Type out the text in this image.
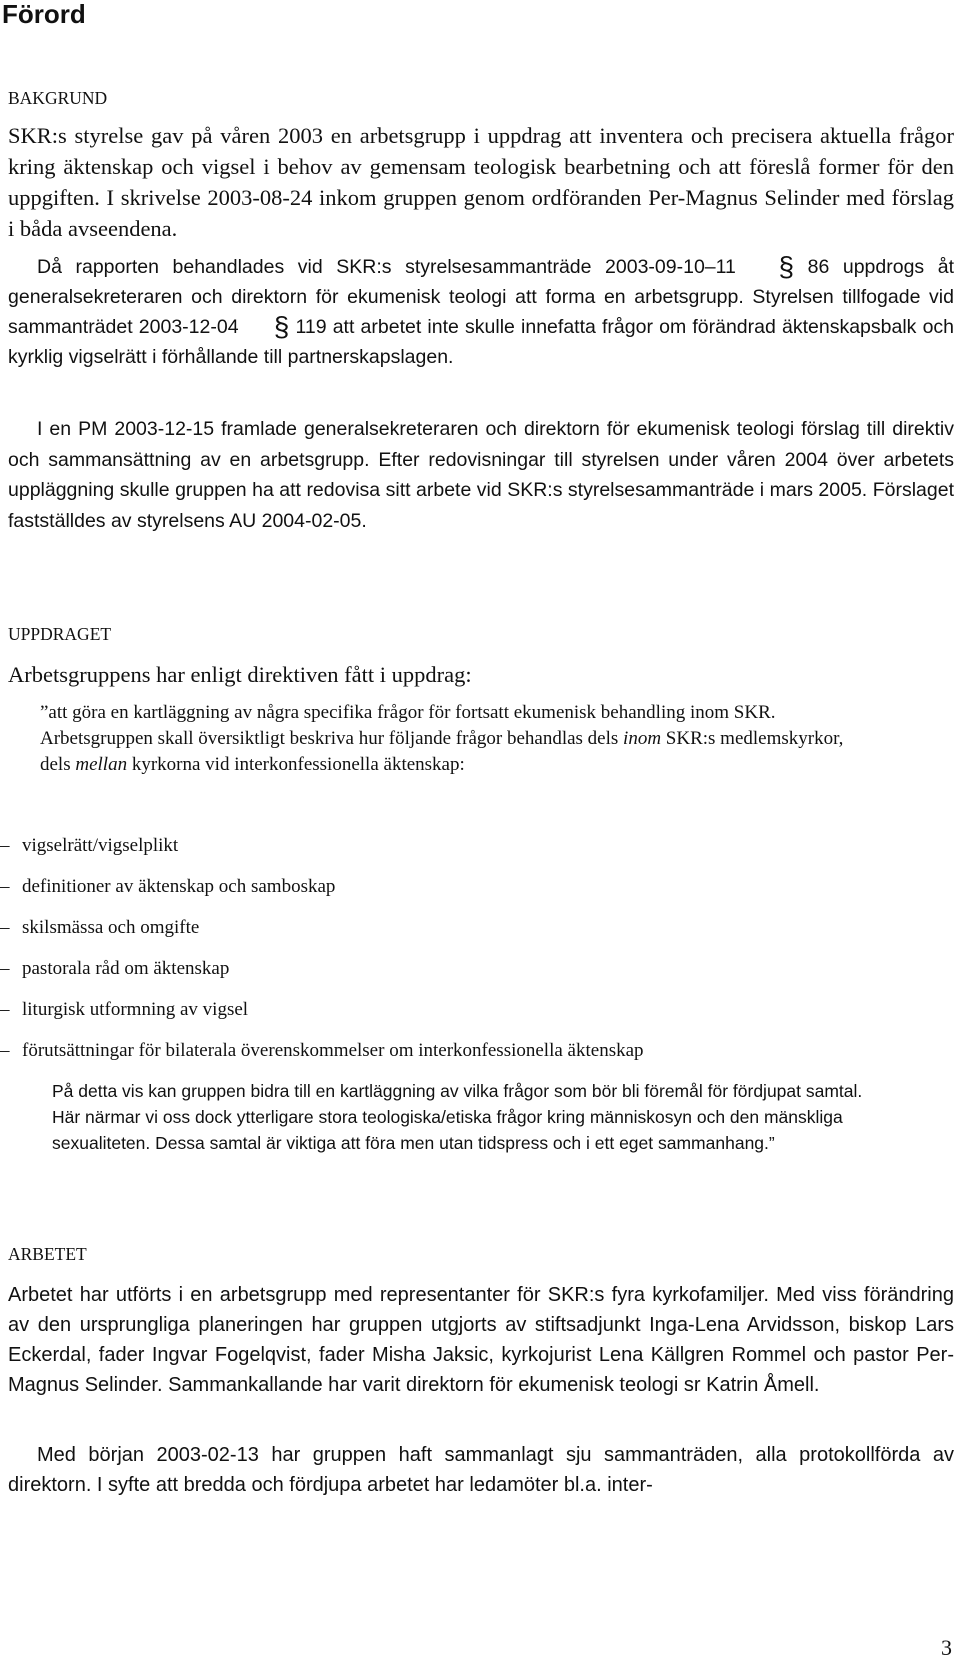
Förord
BAKGRUND

SKR:s styrelse gav på våren 2003 en arbetsgrupp i uppdrag att inventera och precisera aktuella frågor kring äktenskap och vigsel i behov av gemensam teologisk bearbetning och att föreslå former för den uppgiften. I skrivelse 2003-08-24 inkom gruppen genom ordföranden Per-Magnus Selinder med förslag i båda avseendena.

Då rapporten behandlades vid SKR:s styrelsesammanträde 2003-09-10–11 § 86 uppdrogs åt generalsekreteraren och direktorn för ekumenisk teologi att forma en arbetsgrupp. Styrelsen tillfogade vid sammanträdet 2003-12-04 § 119 att arbetet inte skulle innefatta frågor om förändrad äktenskapsbalk och kyrklig vigselrätt i förhållande till partnerskapslagen.

I en PM 2003-12-15 framlade generalsekreteraren och direktorn för ekumenisk teologi förslag till direktiv och sammansättning av en arbetsgrupp. Efter redovisningar till styrelsen under våren 2004 över arbetets uppläggning skulle gruppen ha att redovisa sitt arbete vid SKR:s styrelsesammanträde i mars 2005. Förslaget fastställdes av styrelsens AU 2004-02-05.

UPPDRAGET
Arbetsgruppens har enligt direktiven fått i uppdrag:

”att göra en kartläggning av några specifika frågor för fortsatt ekumenisk behandling inom SKR. Arbetsgruppen skall översiktligt beskriva hur följande frågor behandlas dels inom SKR:s medlemskyrkor, dels mellan kyrkorna vid interkonfessionella äktenskap:

– vigselrätt/vigselplikt
– definitioner av äktenskap och samboskap
– skilsmässa och omgifte
– pastorala råd om äktenskap
– liturgisk utformning av vigsel
– förutsättningar för bilaterala överenskommelser om interkonfessionella äktenskap

På detta vis kan gruppen bidra till en kartläggning av vilka frågor som bör bli föremål för fördjupat samtal. Här närmar vi oss dock ytterligare stora teologiska/etiska frågor kring människosyn och den mänskliga sexualiteten. Dessa samtal är viktiga att föra men utan tidspress och i ett eget sammanhang.”

ARBETET

Arbetet har utförts i en arbetsgrupp med representanter för SKR:s fyra kyrkofamiljer. Med viss förändring av den ursprungliga planeringen har gruppen utgjorts av stiftsadjunkt Inga-Lena Arvidsson, biskop Lars Eckerdal, fader Ingvar Fogelqvist, fader Misha Jaksic, kyrkojurist Lena Källgren Rommel och pastor Per-Magnus Selinder. Sammankallande har varit direktorn för ekumenisk teologi sr Katrin Åmell.

Med början 2003-02-13 har gruppen haft sammanlagt sju sammanträden, alla protokollförda av direktorn. I syfte att bredda och fördjupa arbetet har ledamöter bl.a. inter-

3
